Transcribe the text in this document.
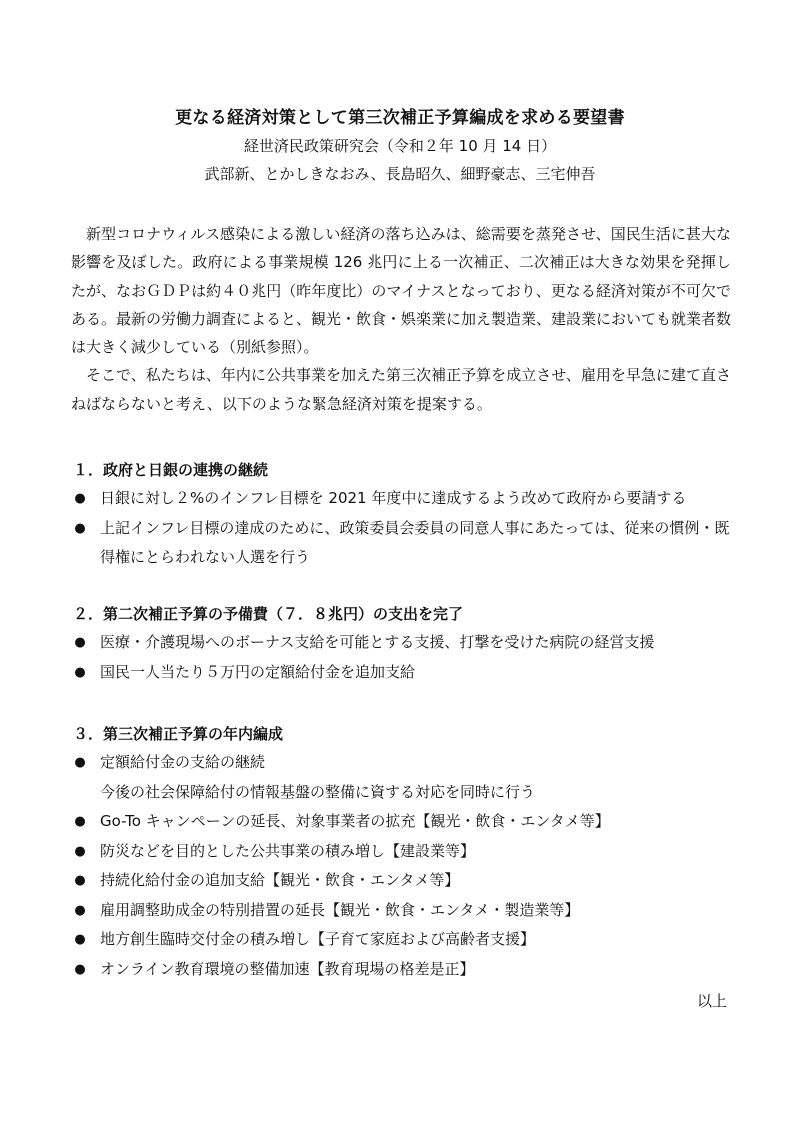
更なる経済対策として第三次補正予算編成を求める要望書
経世済民政策研究会（令和２年 10 月 14 日）
武部新、とかしきなおみ、長島昭久、細野豪志、三宅伸吾

新型コロナウィルス感染による激しい経済の落ち込みは、総需要を蒸発させ、国民生活に甚大な影響を及ぼした。政府による事業規模 126 兆円に上る一次補正、二次補正は大きな効果を発揮したが、なおＧＤＰは約４０兆円（昨年度比）のマイナスとなっており、更なる経済対策が不可欠である。最新の労働力調査によると、観光・飲食・娯楽業に加え製造業、建設業においても就業者数は大きく減少している（別紙参照）。

そこで、私たちは、年内に公共事業を加えた第三次補正予算を成立させ、雇用を早急に建て直さねばならないと考え、以下のような緊急経済対策を提案する。

１．政府と日銀の連携の継続
● 日銀に対し２%のインフレ目標を 2021 年度中に達成するよう改めて政府から要請する
● 上記インフレ目標の達成のために、政策委員会委員の同意人事にあたっては、従来の慣例・既得権にとらわれない人選を行う
２．第二次補正予算の予備費（７．８兆円）の支出を完了
● 医療・介護現場へのボーナス支給を可能とする支援、打撃を受けた病院の経営支援
● 国民一人当たり５万円の定額給付金を追加支給
３．第三次補正予算の年内編成
● 定額給付金の支給の継続
今後の社会保障給付の情報基盤の整備に資する対応を同時に行う
● Go-To キャンペーンの延長、対象事業者の拡充【観光・飲食・エンタメ等】
● 防災などを目的とした公共事業の積み増し【建設業等】
● 持続化給付金の追加支給【観光・飲食・エンタメ等】
● 雇用調整助成金の特別措置の延長【観光・飲食・エンタメ・製造業等】
● 地方創生臨時交付金の積み増し【子育て家庭および高齢者支援】
● オンライン教育環境の整備加速【教育現場の格差是正】
以上
